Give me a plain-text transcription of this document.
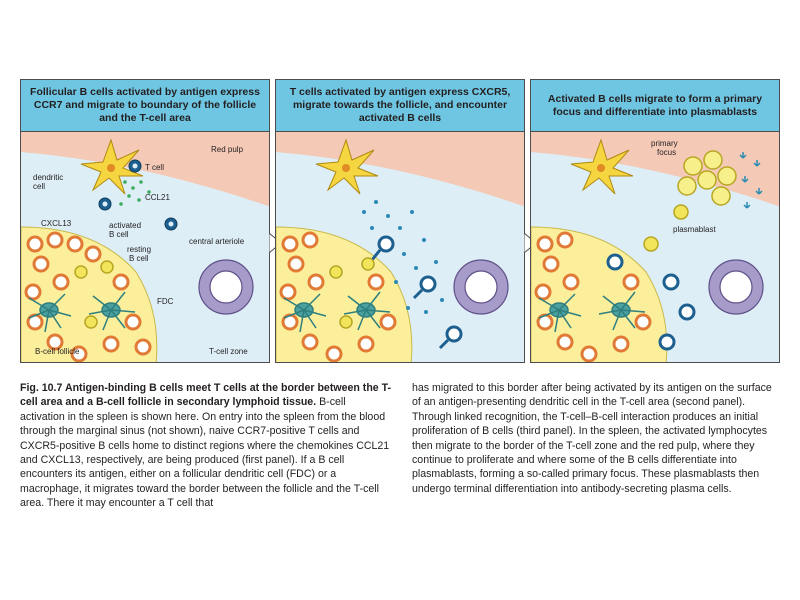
Follicular B cells activated by antigen express CCR7 and migrate to boundary of the follicle and the T-cell area
Red pulp
dendritic
cell
T cell
CCL21
CXCL13	activated
B cell
resting
B cell
central arteriole
FDC
B-cell follicle	T-cell zone
T cells activated by antigen express CXCR5, migrate towards the follicle, and encounter activated B cells
Activated B cells migrate to form a primary focus and differentiate into plasmablasts
primary
focus
plasmablast
Fig. 10.7 Antigen-binding B cells meet T cells at the border between the T-cell area and a B-cell follicle in secondary lymphoid tissue. B-cell activation in the spleen is shown here. On entry into the spleen from the blood through the marginal sinus (not shown), naive CCR7-positive T cells and CXCR5-positive B cells home to distinct regions where the chemokines CCL21 and CXCL13, respectively, are being produced (first panel). If a B cell encounters its antigen, either on a follicular dendritic cell (FDC) or a macrophage, it migrates toward the border between the follicle and the T-cell area. There it may encounter a T cell that
has migrated to this border after being activated by its antigen on the surface of an antigen-presenting dendritic cell in the T-cell area (second panel). Through linked recognition, the T-cell–B-cell interaction produces an initial proliferation of B cells (third panel). In the spleen, the activated lymphocytes then migrate to the border of the T-cell zone and the red pulp, where they continue to proliferate and where some of the B cells differentiate into plasmablasts, forming a so-called primary focus. These plasmablasts then undergo terminal differentiation into antibody-secreting plasma cells.
